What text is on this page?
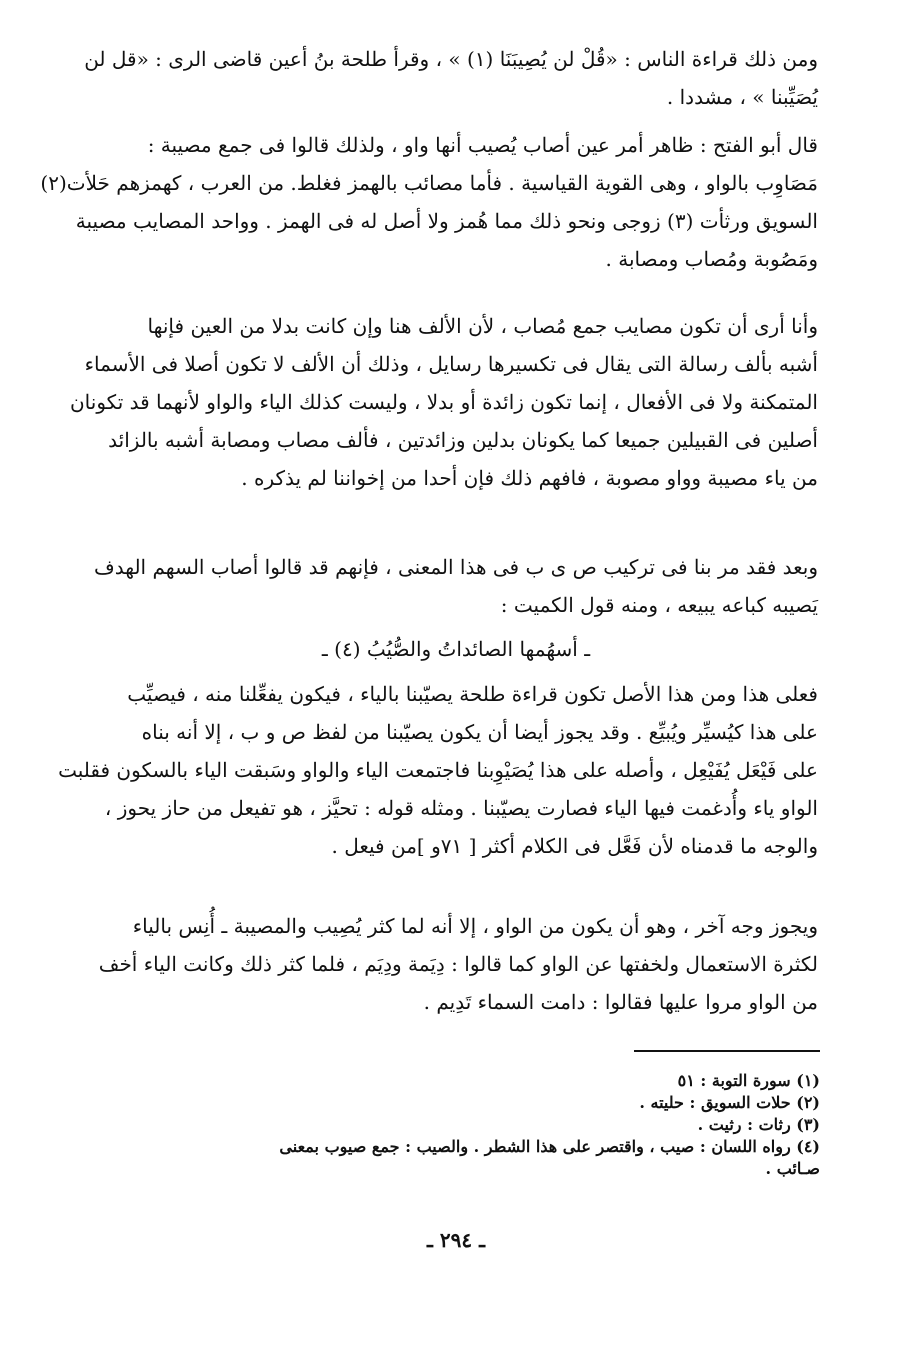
ومن ذلك قراءة الناس : «قُلْ لن يُصِيبَنَا (١) » ، وقرأ طلحة بنُ أعين قاضى الرى : «قل لن
يُصَيِّبنا » ، مشددا .

قال أبو الفتح : ظاهر أمر عين أصاب يُصيب أنها واو ، ولذلك قالوا فى جمع مصيبة :
مَصَاوِب بالواو ، وهى القوية القياسية . فأما مصائب بالهمز فغلط. من العرب ، كهمزهم حَلأت(٢)
السويق ورثأت (٣) زوجى ونحو ذلك مما هُمز ولا أصل له فى الهمز . وواحد المصايب مصيبة
ومَصُوبة ومُصاب ومصابة .

وأنا أرى أن تكون مصايب جمع مُصاب ، لأن الألف هنا وإن كانت بدلا من العين فإنها
أشبه بألف رسالة التى يقال فى تكسيرها رسايل ، وذلك أن الألف لا تكون أصلا فى الأسماء
المتمكنة ولا فى الأفعال ، إنما تكون زائدة أو بدلا ، وليست كذلك الياء والواو لأنهما قد تكونان
أصلين فى القبيلين جميعا كما يكونان بدلين وزائدتين ، فألف مصاب ومصابة أشبه بالزائد
من ياء مصيبة وواو مصوبة ، فافهم ذلك فإن أحدا من إخواننا لم يذكره .

وبعد فقد مر بنا فى تركيب ص ى ب فى هذا المعنى ، فإنهم قد قالوا أصاب السهم الهدف
يَصيبه كباعه يبيعه ، ومنه قول الكميت :

ـ أسهُمها الصائداتُ والصُّيُبُ (٤) ـ

فعلى هذا ومن هذا الأصل تكون قراءة طلحة يصيّبنا بالياء ، فيكون يفعِّلنا منه ، فيصيِّب
على هذا كيُسيِّر ويُبيِّع . وقد يجوز أيضا أن يكون يصيّبنا من لفظ ص و ب ، إلا أنه بناه
على فَيْعَل يُفَيْعِل ، وأصله على هذا يُصَيْوِبنا فاجتمعت الياء والواو وسَبقت الياء بالسكون فقلبت
الواو ياء وأُدغمت فيها الياء فصارت يصيّبنا . ومثله قوله : تحيَّز ، هو تفيعل من حاز يحوز ،
والوجه ما قدمناه لأن فَعَّل فى الكلام أكثر [ ٧١و ]من فيعل .

ويجوز وجه آخر ، وهو أن يكون من الواو ، إلا أنه لما كثر يُصِيب والمصيبة ـ أُنِس بالياء
لكثرة الاستعمال ولخفتها عن الواو كما قالوا : دِيَمة ودِيَم ، فلما كثر ذلك وكانت الياء أخف
من الواو مروا عليها فقالوا : دامت السماء تَدِيم .

(١) سورة التوبة : ٥١
(٢) حلات السويق : حليته .
(٣) رثات : رثيت .
(٤) رواه اللسان : صيب ، واقتصر على هذا الشطر . والصيب : جمع صيوب بمعنى
صـائب .
ـ ٢٩٤ ـ
